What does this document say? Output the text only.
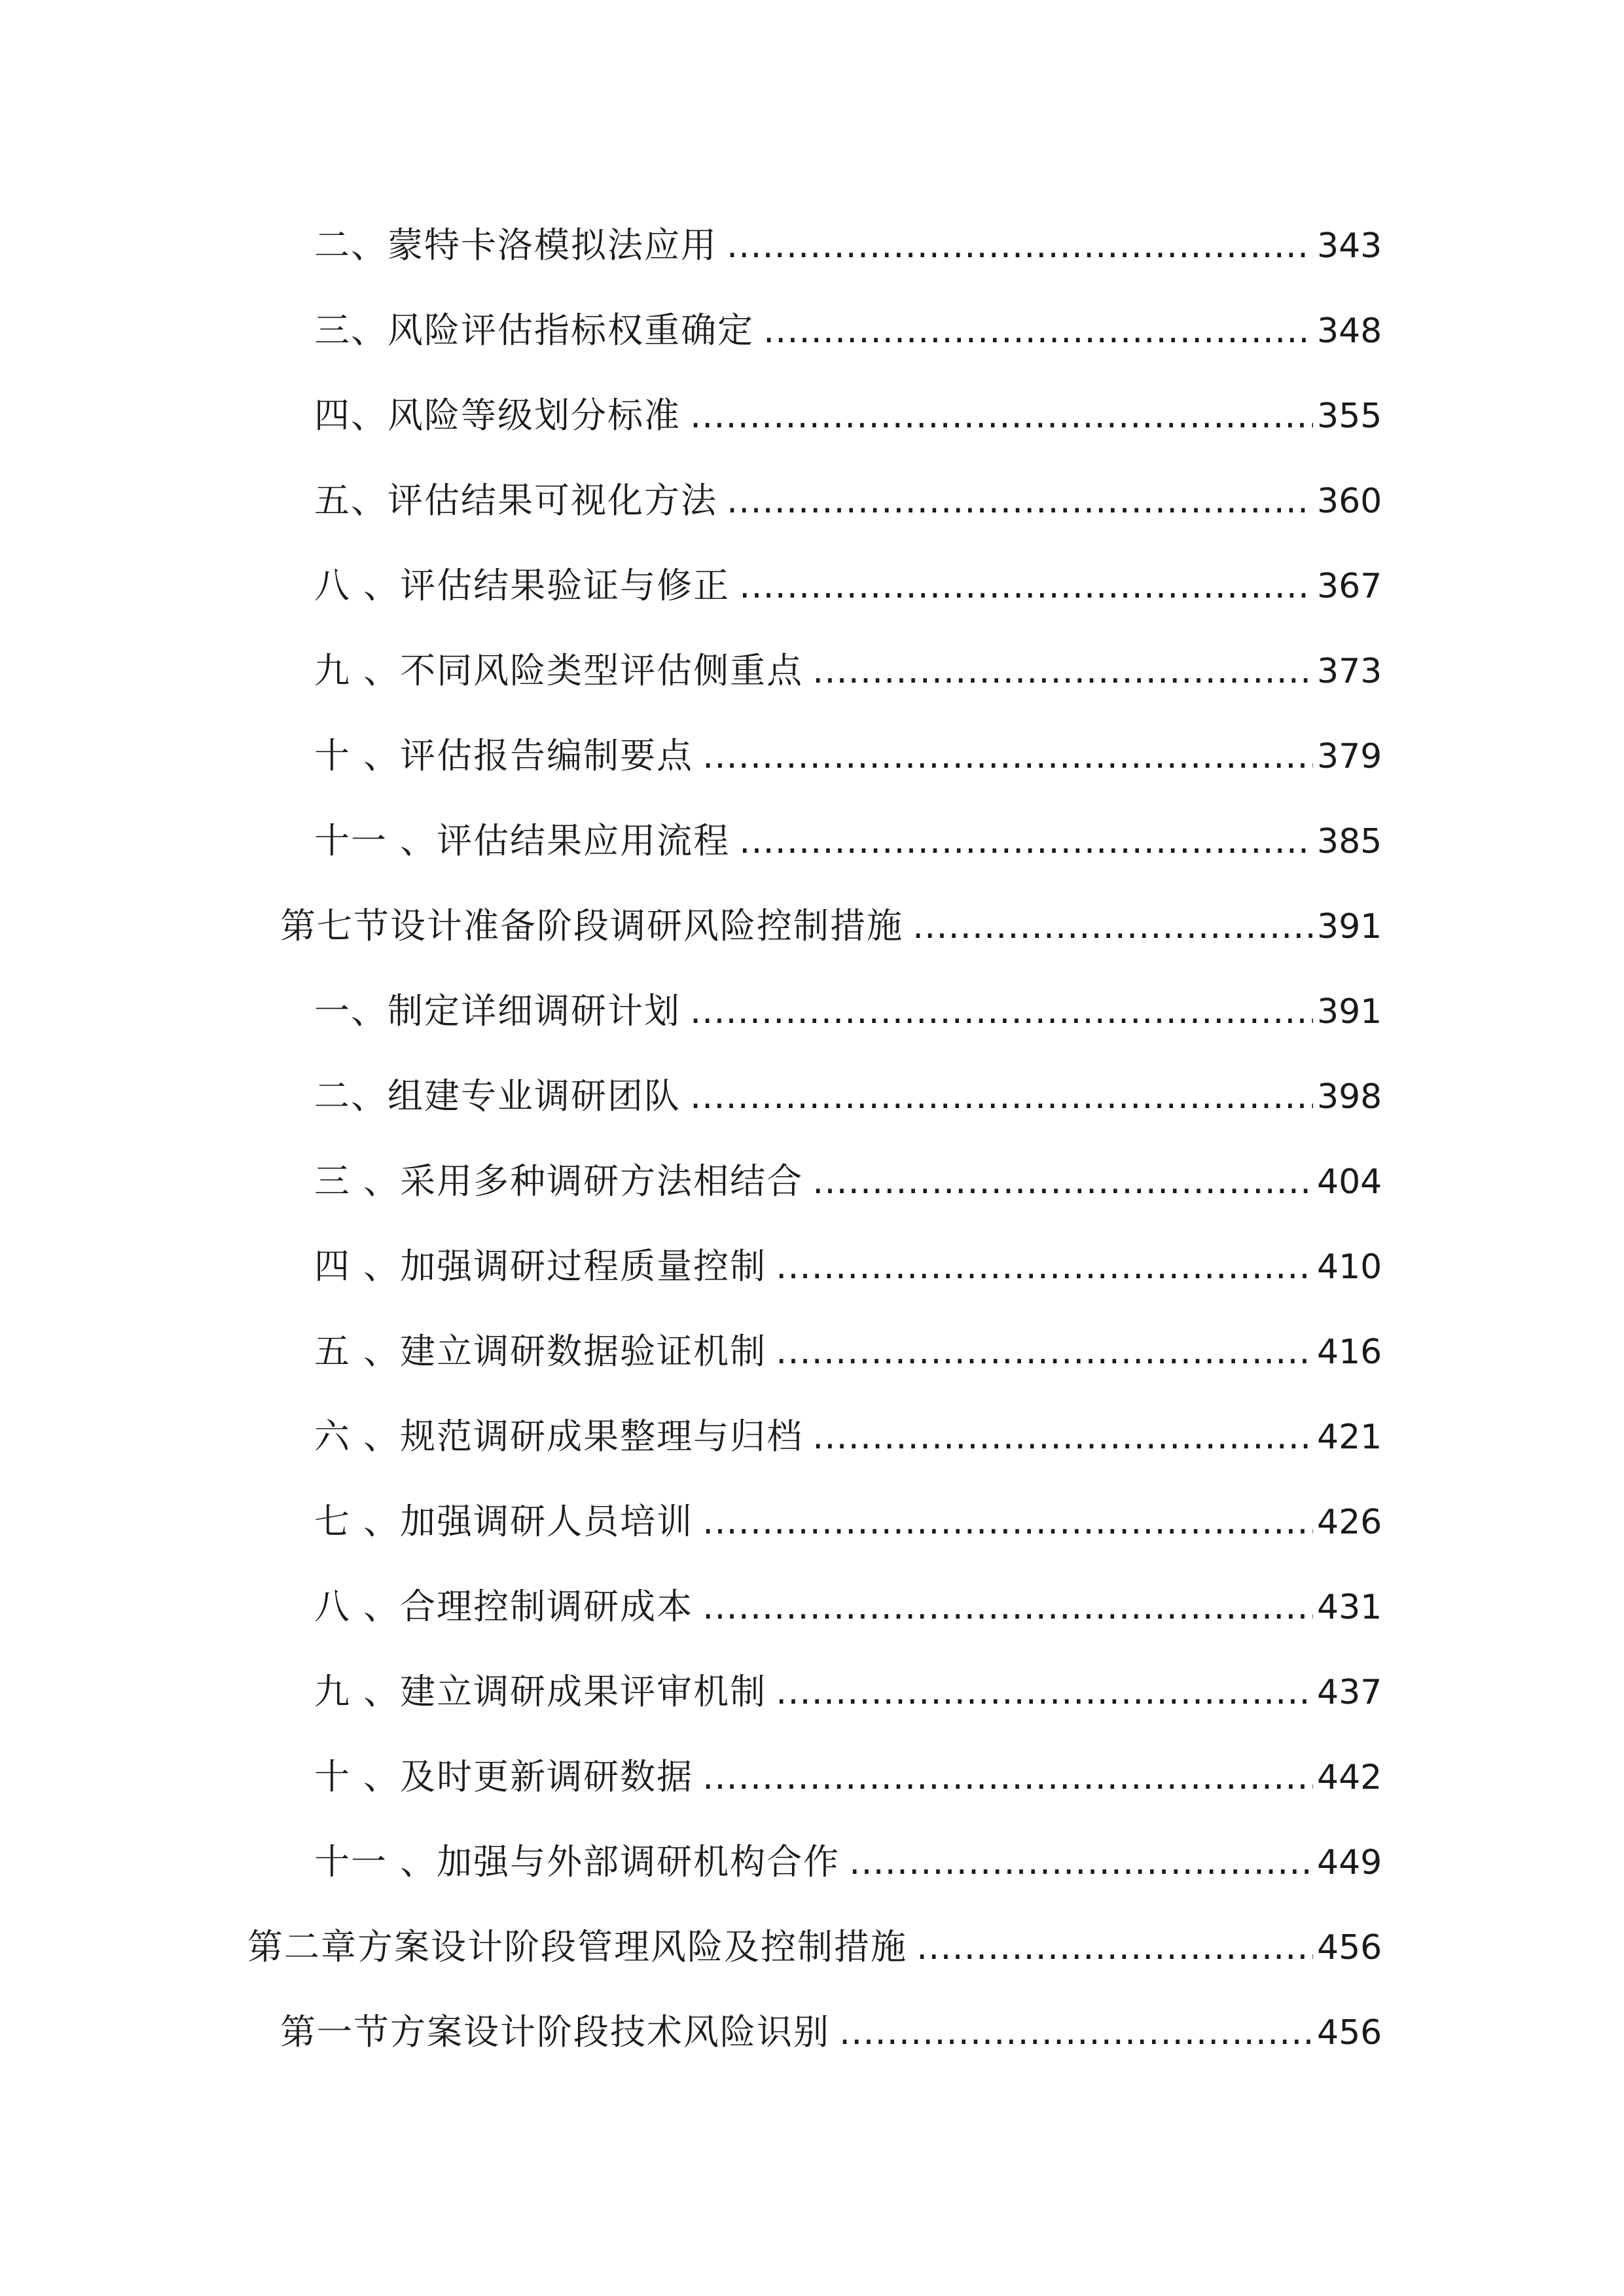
二、蒙特卡洛模拟法应用 .....	343
三、风险评估指标权重确定 .....	348
四、风险等级划分标准 .....	355
五、评估结果可视化方法 .....	360
八 、评估结果验证与修正 .....	367
九 、不同风险类型评估侧重点 .....	373
十 、评估报告编制要点 .....	379
十一 、评估结果应用流程 .....	385
第七节设计准备阶段调研风险控制措施 .....	391
一、制定详细调研计划 .....	391
二、组建专业调研团队 .....	398
三 、采用多种调研方法相结合 .....	404
四 、加强调研过程质量控制 .....	410
五 、建立调研数据验证机制 .....	416
六 、规范调研成果整理与归档 .....	421
七 、加强调研人员培训 .....	426
八 、合理控制调研成本 .....	431
九 、建立调研成果评审机制 .....	437
十 、及时更新调研数据 .....	442
十一 、加强与外部调研机构合作 .....	449
第二章方案设计阶段管理风险及控制措施 .....	456
第一节方案设计阶段技术风险识别 .....	456
